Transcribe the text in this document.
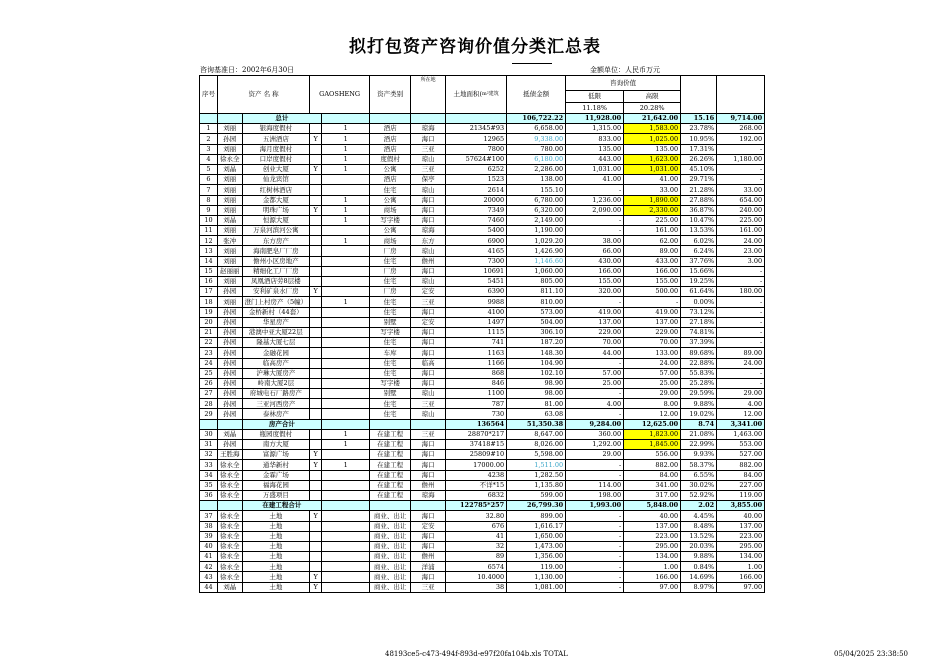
拟打包资产咨询价值分类汇总表
咨询基准日：2002年6月30日	金额单位：人民币万元
序号	资产 名 称		GAOSHENG		资产类别	所在地	土地面积($^{m^2建筑}$	抵债金额	咨询价值			
									低限	高限		
									11.18%	20.28%		
		总计						106,722.22	11,928.00	21,642.00	15.16	9,714.00
1	刘丽	银海度假村		1	酒店	琼海	21345#93	6,658.00	1,315.00	1,583.00	23.78%	268.00
2	孙园	五洲酒店	Y	1	酒店	海口	12965	9,338.00	833.00	1,025.00	10.95%	192.00
3	刘丽	海月度假村		1	酒店	三亚	7800	780.00	135.00	135.00	17.31%	-
4	徐永全	口岸度假村		1	度假村	琼山	57624#100	6,180.00	443.00	1,623.00	26.26%	1,180.00
5	刘晶	创业大厦	Y	1	公寓	三亚	6252	2,286.00	1,031.00	1,031.00	45.10%	-
6	刘丽	仙龙宾馆			酒店	保亭	1523	138.00	41.00	41.00	29.71%	-
7	刘丽	红树林酒店			住宅	琼山	2614	155.10	-	33.00	21.28%	33.00
8	刘丽	金都大厦		1	公寓	海口	20000	6,780.00	1,236.00	1,890.00	27.88%	654.00
9	刘丽	明珠广场	Y	1	商场	海口	7349	6,320.00	2,090.00	2,330.00	36.87%	240.00
10	刘晶	恒源大厦		1	写字楼	海口	7460	2,149.00	-	225.00	10.47%	225.00
11	刘丽	万泉河滨河公寓			公寓	琼海	5400	1,190.00	-	161.00	13.53%	161.00
12	张冲	东方房产		1	商场	东方	6900	1,029.20	38.00	62.00	6.02%	24.00
13	刘丽	海南肥皂厂厂房			厂房	琼山	4165	1,426.90	66.00	89.00	6.24%	23.00
14	刘丽	儋州小区房地产			住宅	儋州	7300	1,146.60	430.00	433.00	37.76%	3.00
15	赵丽丽	精细化工厂厂房			厂房	海口	10691	1,060.00	166.00	166.00	15.66%	-
16	刘丽	凤凰酒店劳8层楼			住宅	琼山	5451	805.00	155.00	155.00	19.25%	-
17	孙园	安利矿泉水厂房	Y		厂房	定安	6390	811.10	320.00	500.00	61.64%	180.00
18	刘丽	澄门上村房产（5幢）		1	住宅	三亚	9988	810.00	-	-	0.00%	-
19	孙园	金桥新村（44套）			住宅	海口	4100	573.00	419.00	419.00	73.12%	-
20	孙园	华星房产			别墅	定安	1497	504.00	137.00	137.00	27.18%	-
21	孙园	港澳中亚大厦22层			写字楼	海口	1115	306.10	229.00	229.00	74.81%	-
22	孙园	隆基大厦七层			住宅	海口	741	187.20	70.00	70.00	37.39%	-
23	孙园	金融花园			车库	海口	1163	148.30	44.00	133.00	89.68%	89.00
24	孙园	临高房产			住宅	临高	1166	104.90	-	24.00	22.88%	24.00
25	孙园	沪琳大厦房产			住宅	海口	868	102.10	57.00	57.00	55.83%	-
26	孙园	岭南大厦2层			写字楼	海口	846	98.90	25.00	25.00	25.28%	-
27	孙园	府城电石厂路房产			别墅	琼山	1100	98.00	-	29.00	29.59%	29.00
28	孙园	三亚河西房产			住宅	三亚	787	81.00	4.00	8.00	9.88%	4.00
29	孙园	泰林房产			住宅	琼山	730	63.08	-	12.00	19.02%	12.00
		房产合计					136564	51,350.38	9,284.00	12,625.00	8.74	3,341.00
30	刘晶	瓶园度假村		1	在建工程	三亚	28870*217	8,647.00	360.00	1,823.00	21.08%	1,463.00
31	孙园	南方大厦		1	在建工程	海口	37418#15	8,026.00	1,292.00	1,845.00	22.99%	553.00
32	王胜海	富源广场	Y		在建工程	海口	25809#10	5,598.00	29.00	556.00	9.93%	527.00
33	徐永全	通华新村	Y	1	在建工程	海口	17000.00	1,511.00	-	882.00	58.37%	882.00
34	徐永全	金霖广场			在建工程	海口	4238	1,282.50	-	84.00	6.55%	84.00
35	徐永全	福海花园			在建工程	儋州	不详*15	1,135.80	114.00	341.00	30.02%	227.00
36	徐永全	万盛项目			在建工程	琼海	6832	599.00	198.00	317.00	52.92%	119.00
		在建工程合计					122785*257	26,799.30	1,993.00	5,848.00	2.02	3,855.00
37	徐永全	土地	Y		商业、出让	海口	32.80	899.00	-	40.00	4.45%	40.00
38	徐永全	土地			商业、出让	定安	676	1,616.17	-	137.00	8.48%	137.00
39	徐永全	土地			商业、出让	海口	41	1,650.00	-	223.00	13.52%	223.00
40	徐永全	土地			商业、出让	海口	32	1,473.00	-	295.00	20.03%	295.00
41	徐永全	土地			商业、出让	儋州	89	1,356.00	-	134.00	9.88%	134.00
42	徐永全	土地			商业、出让	洋浦	6574	119.00	-	1.00	0.84%	1.00
43	徐永全	土地	Y		商业、出让	海口	10.4000	1,130.00	-	166.00	14.69%	166.00
44	刘晶	土地	Y		商业、出让	三亚	38	1,081.00	-	97.00	8.97%	97.00
48193ce5-c473-494f-893d-e97f20fa104b.xls TOTAL	05/04/2025 23:38:50
